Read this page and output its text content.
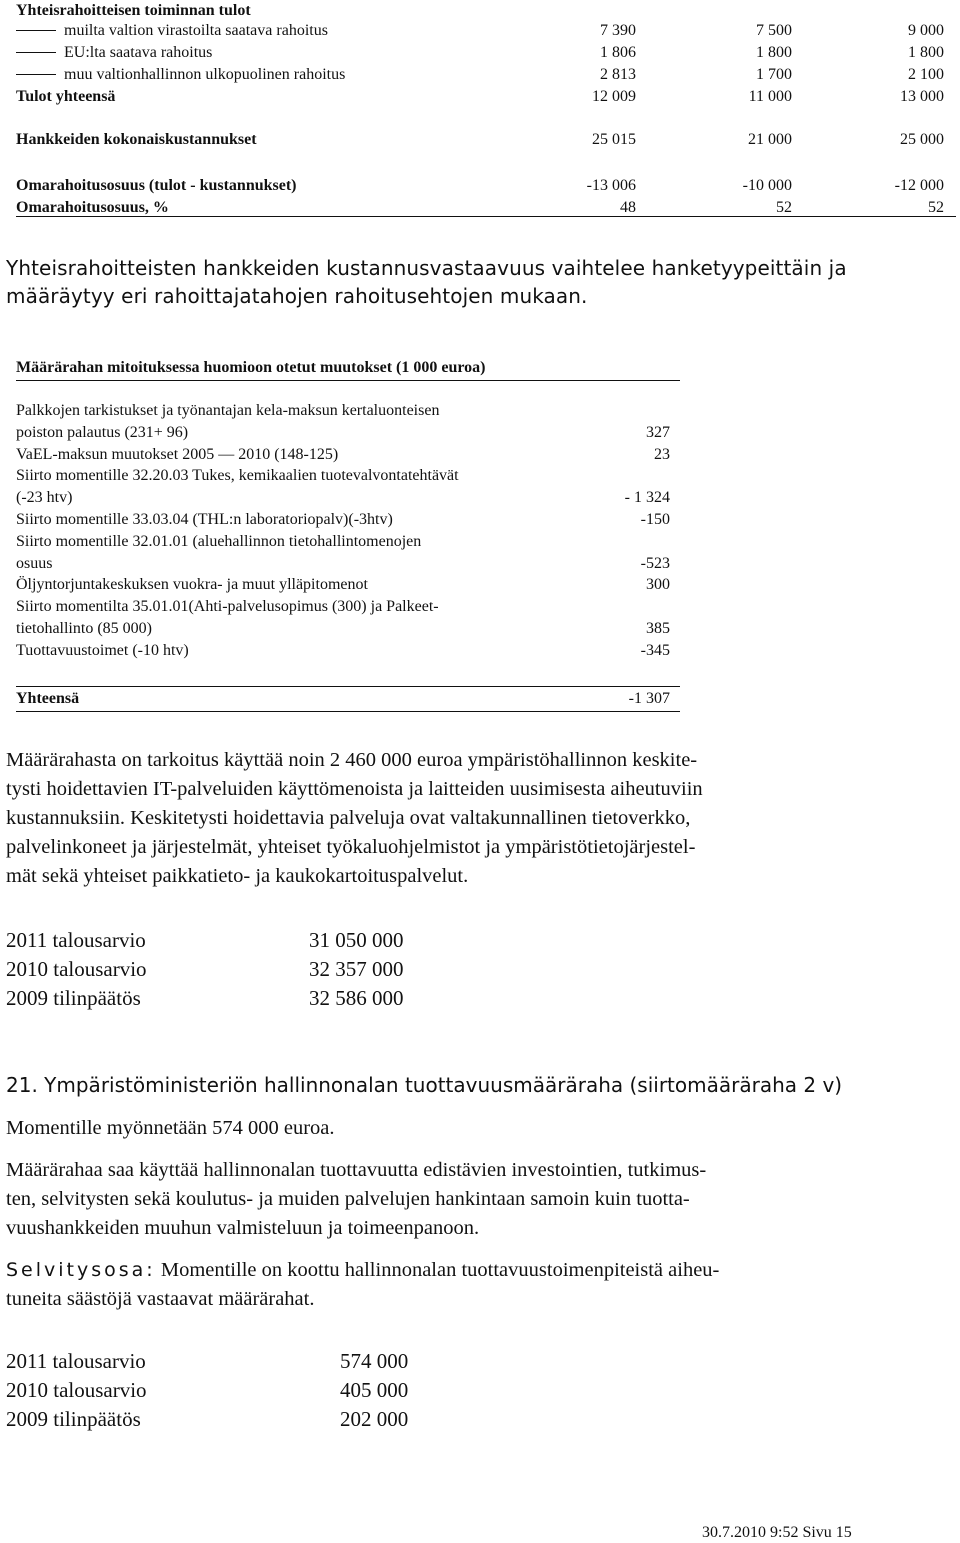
Yhteisrahoitteisen toiminnan tulot
muilta valtion virastoilta saatava rahoitus	7 390	7 500	9 000
EU:lta saatava rahoitus	1 806	1 800	1 800
muu valtionhallinnon ulkopuolinen rahoitus	2 813	1 700	2 100
Tulot yhteensä	12 009	11 000	13 000
Hankkeiden kokonaiskustannukset	25 015	21 000	25 000
Omarahoitusosuus (tulot - kustannukset)	-13 006	-10 000	-12 000
Omarahoitusosuus, %	48	52	52
Yhteisrahoitteisten hankkeiden kustannusvastaavuus vaihtelee hanketyypeittäin ja määräytyy eri rahoittajatahojen rahoitusehtojen mukaan.
Määrärahan mitoituksessa huomioon otetut muutokset (1 000 euroa)
Palkkojen tarkistukset ja työnantajan kela-maksun kertaluonteisen
poiston palautus (231+ 96)	327
VaEL-maksun muutokset 2005 — 2010 (148-125)	23
Siirto momentille 32.20.03 Tukes, kemikaalien tuotevalvontatehtävät
(-23 htv)	- 1 324
Siirto momentille 33.03.04 (THL:n laboratoriopalv)(-3htv)	-150
Siirto momentille 32.01.01 (aluehallinnon tietohallintomenojen
osuus	-523
Öljyntorjuntakeskuksen vuokra- ja muut ylläpitomenot	300
Siirto momentilta 35.01.01(Ahti-palvelusopimus (300) ja Palkeet-
tietohallinto (85 000)	385
Tuottavuustoimet (-10 htv)	-345
Yhteensä	-1 307
Määrärahasta on tarkoitus käyttää noin 2 460 000 euroa ympäristöhallinnon keskite-
tysti hoidettavien IT-palveluiden käyttömenoista ja laitteiden uusimisesta aiheutuviin
kustannuksiin. Keskitetysti hoidettavia palveluja ovat valtakunnallinen tietoverkko,
palvelinkoneet ja järjestelmät, yhteiset työkaluohjelmistot ja ympäristötietojärjestel-
mät sekä yhteiset paikkatieto- ja kaukokartoituspalvelut.
2011 talousarvio	31 050 000
2010 talousarvio	32 357 000
2009 tilinpäätös	32 586 000
21. Ympäristöministeriön hallinnonalan tuottavuusmääräraha (siirtomääräraha 2 v)
Momentille myönnetään 574 000 euroa.
Määrärahaa saa käyttää hallinnonalan tuottavuutta edistävien investointien, tutkimus-
ten, selvitysten sekä koulutus- ja muiden palvelujen hankintaan samoin kuin tuotta-
vuushankkeiden muuhun valmisteluun ja toimeenpanoon.
Selvitysosa: Momentille on koottu hallinnonalan tuottavuustoimenpiteistä aiheu-
tuneita säästöjä vastaavat määrärahat.
2011 talousarvio	574 000
2010 talousarvio	405 000
2009 tilinpäätös	202 000
30.7.2010 9:52 Sivu 15
